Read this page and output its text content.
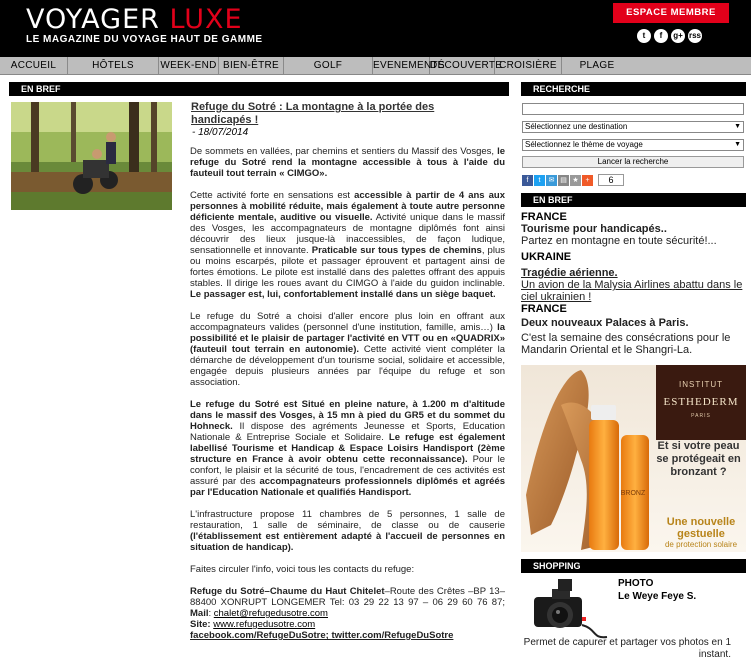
VOYAGER LUXE
LE MAGAZINE DU VOYAGE HAUT DE GAMME
ESPACE MEMBRE
t	f	g+ rss
ACCUEIL	HÔTELS	WEEK-END BIEN-ÊTRE	GOLF	EVENEMENTS
DÉCOUVERTE
CROISIÈRE	PLAGE
EN BREF
Refuge du Sotré : La montagne à la portée des handicapés !
- 18/07/2014

De sommets en vallées, par chemins et sentiers du Massif des Vosges, le refuge du Sotré rend la montagne accessible à tous à l'aide du fauteuil tout terrain « CIMGO».

Cette activité forte en sensations est accessible à partir de 4 ans aux personnes à mobilité réduite, mais également à toute autre personne déficiente mentale, auditive ou visuelle. Activité unique dans le massif des Vosges, les accompagnateurs de montagne diplômés font ainsi découvrir des lieux jusque-là inaccessibles, de façon ludique, sensationnelle et innovante. Praticable sur tous types de chemins, plus ou moins escarpés, pilote et passager éprouvent et partagent ainsi de fortes émotions. Le pilote est installé dans des palettes offrant des appuis stables. Il dirige les roues avant du CIMGO à l'aide du guidon inclinable. Le passager est, lui, confortablement installé dans un siège baquet.

Le refuge du Sotré a choisi d'aller encore plus loin en offrant aux accompagnateurs valides (personnel d'une institution, famille, amis…) la possibilité et le plaisir de partager l'activité en VTT ou en «QUADRIX» (fauteuil tout terrain en autonomie). Cette activité vient compléter la démarche de développement d'un tourisme social, solidaire et accessible, engagée depuis plusieurs années par l'équipe du refuge et son association.

Le refuge du Sotré est Situé en pleine nature, à 1.200 m d'altitude dans le massif des Vosges, à 15 mn à pied du GR5 et du sommet du Hohneck. Il dispose des agréments Jeunesse et Sports, Education Nationale & Entreprise Sociale et Solidaire. Le refuge est également labellisé Tourisme et Handicap & Espace Loisirs Handisport (2ème structure en France à avoir obtenu cette reconnaissance). Pour le confort, le plaisir et la sécurité de tous, l'encadrement de ces activités est assuré par des accompagnateurs professionnels diplômés et agréés par l'Education Nationale et qualifiés Handisport.

L'infrastructure propose 11 chambres de 5 personnes, 1 salle de restauration, 1 salle de séminaire, de classe ou de causerie (l'établissement est entièrement adapté à l'accueil de personnes en situation de handicap).

Faites circuler l'info, voici tous les contacts du refuge:

Refuge du Sotré–Chaume du Haut Chitelet–Route des Crêtes –BP 13–88400 XONRUPT LONGEMER Tel: 03 29 22 13 97 – 06 29 60 76 87; Mail: chalet@refugedusotre.com
Site: www.refugedusotre.com
facebook.com/RefugeDuSotre; twitter.com/RefugeDuSotre

RECHERCHE
Sélectionnez une destination	▼
Sélectionnez le thème de voyage	▼
Lancer la recherche
f	t	✉ ▤ ★ +	6
EN BREF
FRANCE
Tourisme pour handicapés..
Partez en montagne en toute sécurité!...
UKRAINE
Tragédie aérienne.
Un avion de la Malysia Airlines abattu dans le ciel ukrainien !
FRANCE
Deux nouveaux Palaces à Paris.
C'est la semaine des consécrations pour le Mandarin Oriental et le Shangri-La.
BRONZ
INSTITUT
ESTHEDERM
PARIS
Et si votre peau se protégeait en bronzant ?
Une nouvelle
gestuelle
de protection solaire
SHOPPING
PHOTO
Le Weye Feye S.
Permet de capurer et partager vos photos en 1 instant.
